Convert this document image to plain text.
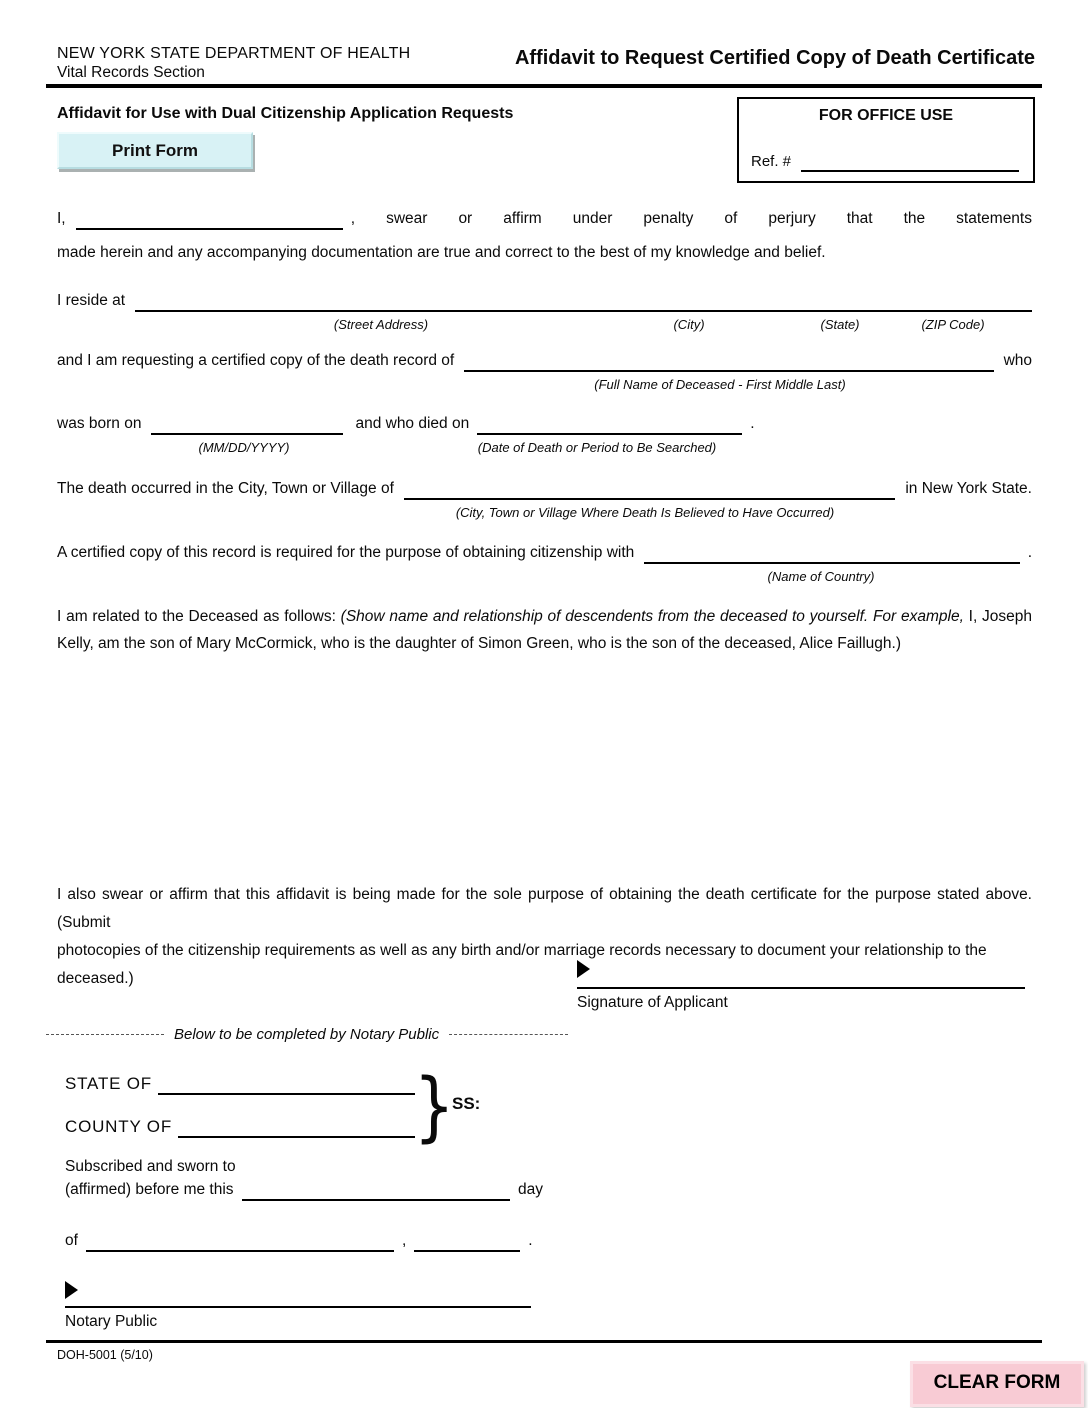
NEW YORK STATE DEPARTMENT OF HEALTH
Vital Records Section
Affidavit to Request Certified Copy of Death Certificate
Affidavit for Use with Dual Citizenship Application Requests
Print Form
FOR OFFICE USE
Ref. #
I,	, swear or affirm under penalty of perjury that the statements
made herein and any accompanying documentation are true and correct to the best of my knowledge and belief.
I reside at
(Street Address)	(City)	(State)	(ZIP Code)
and I am requesting a certified copy of the death record of	who
(Full Name of Deceased - First Middle Last)
was born on	and who died on	.
(MM/DD/YYYY)	(Date of Death or Period to Be Searched)
The death occurred in the City, Town or Village of	in New York State.
(City, Town or Village Where Death Is Believed to Have Occurred)
A certified copy of this record is required for the purpose of obtaining citizenship with	.
(Name of Country)
I am related to the Deceased as follows: (Show name and relationship of descendents from the deceased to yourself. For example, I, Joseph Kelly, am the son of Mary McCormick, who is the daughter of Simon Green, who is the son of the deceased, Alice Faillugh.)
I also swear or affirm that this affidavit is being made for the sole purpose of obtaining the death certificate for the purpose stated above. (Submit
photocopies of the citizenship requirements as well as any birth and/or marriage records necessary to document your relationship to the deceased.)
Signature of Applicant
Below to be completed by Notary Public
STATE OF
COUNTY OF	}
SS:
Subscribed and sworn to
(affirmed) before me this	day
of	,	.
Notary Public
DOH-5001 (5/10)
CLEAR FORM
